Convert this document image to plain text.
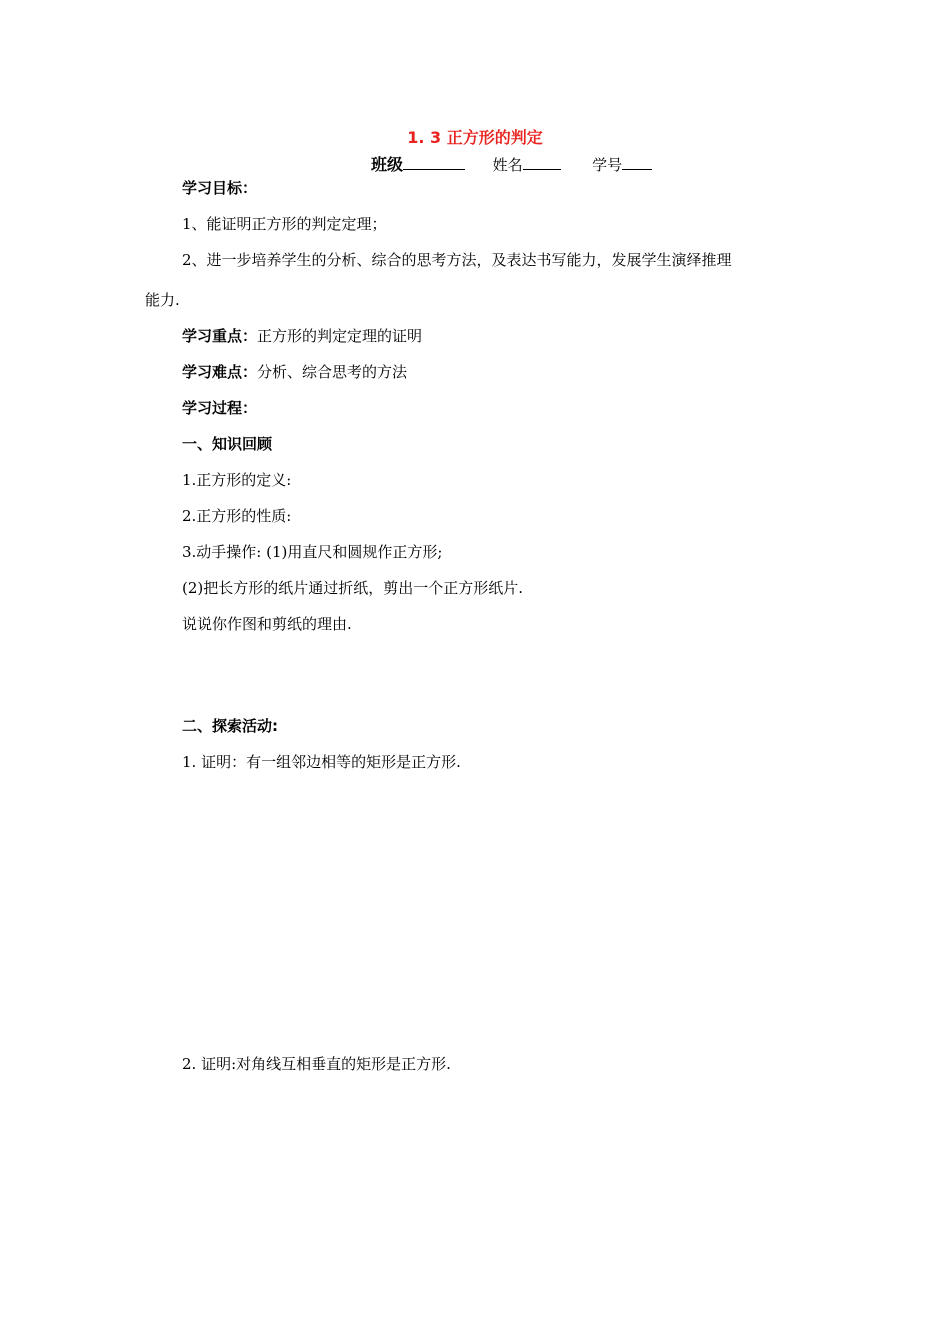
1. 3 正方形的判定
班级	姓名	学号
学习目标：
1、能证明正方形的判定定理；
2、进一步培养学生的分析、综合的思考方法，及表达书写能力，发展学生演绎推理
能力.
学习重点：正方形的判定定理的证明
学习难点：分析、综合思考的方法
学习过程：
一、知识回顾
1.正方形的定义:
2.正方形的性质:
3.动手操作: (1)用直尺和圆规作正方形;
(2)把长方形的纸片通过折纸，剪出一个正方形纸片.
说说你作图和剪纸的理由.
二、探索活动:
1. 证明：有一组邻边相等的矩形是正方形.
2. 证明:对角线互相垂直的矩形是正方形.
